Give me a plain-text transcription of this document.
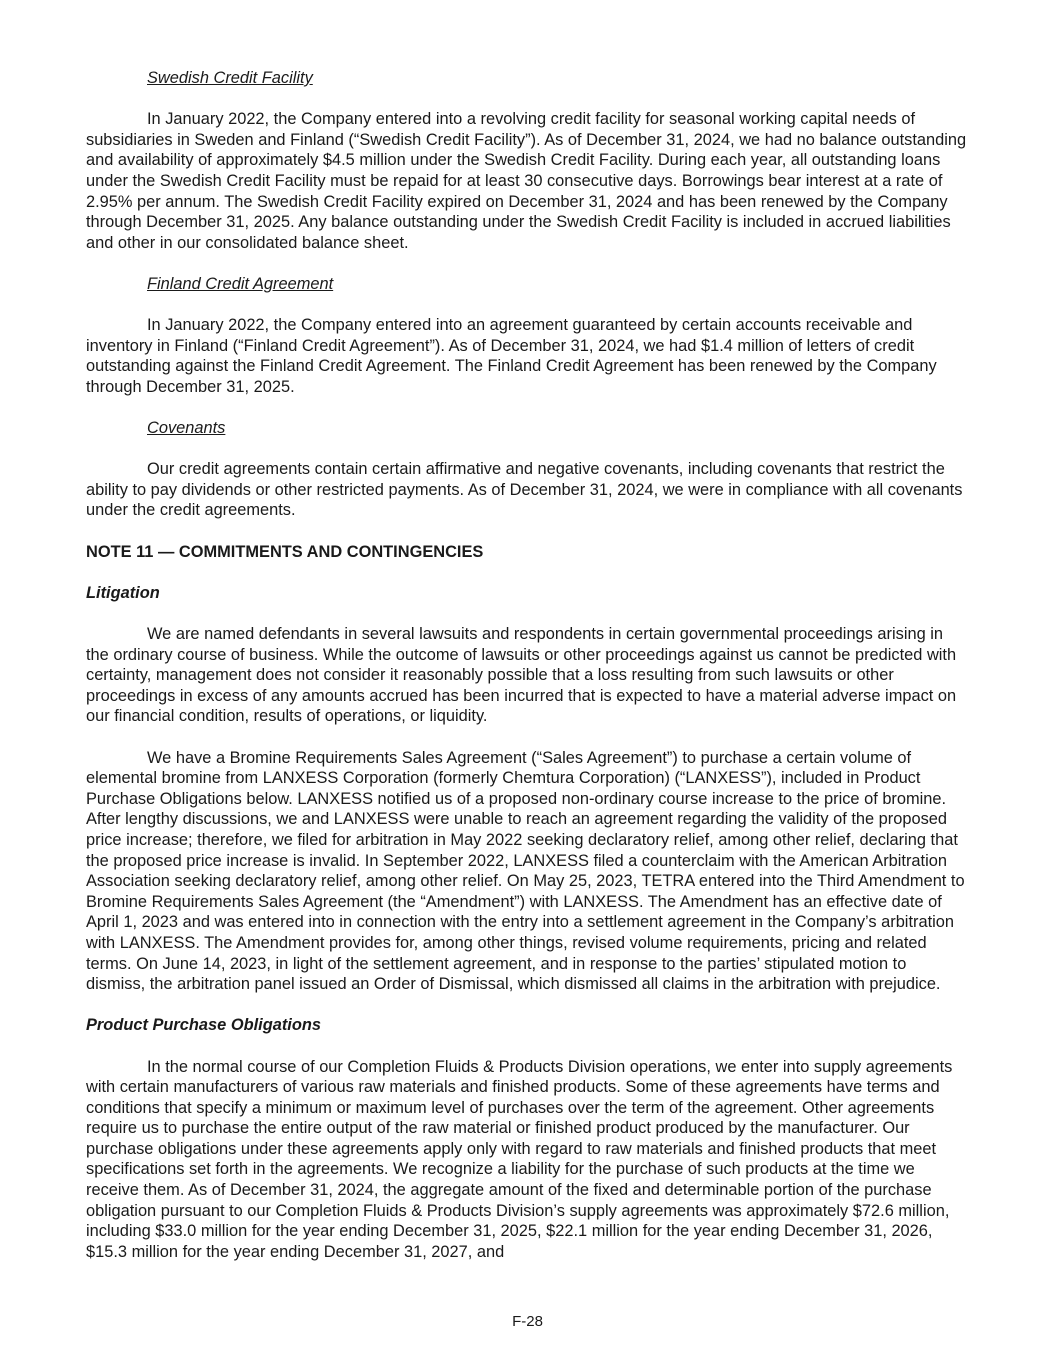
Swedish Credit Facility
In January 2022, the Company entered into a revolving credit facility for seasonal working capital needs of subsidiaries in Sweden and Finland (“Swedish Credit Facility”). As of December 31, 2024, we had no balance outstanding and availability of approximately $4.5 million under the Swedish Credit Facility. During each year, all outstanding loans under the Swedish Credit Facility must be repaid for at least 30 consecutive days. Borrowings bear interest at a rate of 2.95% per annum. The Swedish Credit Facility expired on December 31, 2024 and has been renewed by the Company through December 31, 2025. Any balance outstanding under the Swedish Credit Facility is included in accrued liabilities and other in our consolidated balance sheet.
Finland Credit Agreement
In January 2022, the Company entered into an agreement guaranteed by certain accounts receivable and inventory in Finland (“Finland Credit Agreement”). As of December 31, 2024, we had $1.4 million of letters of credit outstanding against the Finland Credit Agreement. The Finland Credit Agreement has been renewed by the Company through December 31, 2025.
Covenants
Our credit agreements contain certain affirmative and negative covenants, including covenants that restrict the ability to pay dividends or other restricted payments. As of December 31, 2024, we were in compliance with all covenants under the credit agreements.
NOTE 11 — COMMITMENTS AND CONTINGENCIES
Litigation
We are named defendants in several lawsuits and respondents in certain governmental proceedings arising in the ordinary course of business. While the outcome of lawsuits or other proceedings against us cannot be predicted with certainty, management does not consider it reasonably possible that a loss resulting from such lawsuits or other proceedings in excess of any amounts accrued has been incurred that is expected to have a material adverse impact on our financial condition, results of operations, or liquidity.
We have a Bromine Requirements Sales Agreement (“Sales Agreement”) to purchase a certain volume of elemental bromine from LANXESS Corporation (formerly Chemtura Corporation) (“LANXESS”), included in Product Purchase Obligations below. LANXESS notified us of a proposed non-ordinary course increase to the price of bromine. After lengthy discussions, we and LANXESS were unable to reach an agreement regarding the validity of the proposed price increase; therefore, we filed for arbitration in May 2022 seeking declaratory relief, among other relief, declaring that the proposed price increase is invalid. In September 2022, LANXESS filed a counterclaim with the American Arbitration Association seeking declaratory relief, among other relief. On May 25, 2023, TETRA entered into the Third Amendment to Bromine Requirements Sales Agreement (the “Amendment”) with LANXESS. The Amendment has an effective date of April 1, 2023 and was entered into in connection with the entry into a settlement agreement in the Company’s arbitration with LANXESS. The Amendment provides for, among other things, revised volume requirements, pricing and related terms. On June 14, 2023, in light of the settlement agreement, and in response to the parties’ stipulated motion to dismiss, the arbitration panel issued an Order of Dismissal, which dismissed all claims in the arbitration with prejudice.
Product Purchase Obligations
In the normal course of our Completion Fluids & Products Division operations, we enter into supply agreements with certain manufacturers of various raw materials and finished products. Some of these agreements have terms and conditions that specify a minimum or maximum level of purchases over the term of the agreement. Other agreements require us to purchase the entire output of the raw material or finished product produced by the manufacturer. Our purchase obligations under these agreements apply only with regard to raw materials and finished products that meet specifications set forth in the agreements. We recognize a liability for the purchase of such products at the time we receive them. As of December 31, 2024, the aggregate amount of the fixed and determinable portion of the purchase obligation pursuant to our Completion Fluids & Products Division’s supply agreements was approximately $72.6 million, including $33.0 million for the year ending December 31, 2025, $22.1 million for the year ending December 31, 2026, $15.3 million for the year ending December 31, 2027, and
F-28
